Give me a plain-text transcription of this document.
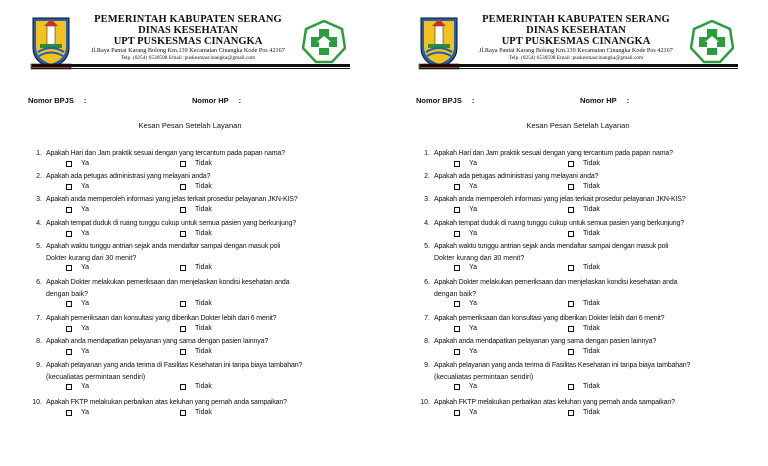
PEMERINTAH KABUPATEN SERANG
DINAS KESEHATAN
UPT PUSKESMAS CINANGKA
Jl.Raya Pantai Karang Bolong Km.139 Kecamatan Cinangka Kode Pos 42167
Telp. (0254) 6530598 Email :puskesmascinangka@gmail.com
Nomor BPJS :	Nomor HP :
Kesan Pesan Setelah Layanan
1. Apakah Hari dan Jam praktik sesuai dengan yang tercantum pada papan nama?
Ya	Tidak
2. Apakah ada petugas administrasi yang melayani anda?
Ya	Tidak
3. Apakah anda memperoleh informasi yang jelas terkait prosedur pelayanan JKN-KIS?
Ya	Tidak
4. Apakah tempat duduk di ruang tunggu cukup untuk semua pasien yang berkunjung?
Ya	Tidak
5. Apakah waktu tunggu antrian sejak anda mendaftar sampai dengan masuk poli
Dokter kurang dari 30 menit?
Ya	Tidak
6. Apakah Dokter melakukan pemeriksaan dan menjelaskan kondisi kesehatan anda
dengan baik?
Ya	Tidak
7. Apakah pemeriksaan dan konsultasi yang diberikan Dokter lebih dari 6 menit?
Ya	Tidak
8. Apakah anda mendapatkan pelayanan yang sama dengan pasien lainnya?
Ya	Tidak
9. Apakah pelayanan yang anda terima di Fasilitas Kesehatan ini tanpa biaya tambahan?
(kecualiatas permintaan sendiri)
Ya	Tidak
10. Apakah FKTP melakukan perbaikan atas keluhan yang pernah anda sampaikan?
Ya	Tidak
PEMERINTAH KABUPATEN SERANG
DINAS KESEHATAN
UPT PUSKESMAS CINANGKA
Jl.Raya Pantai Karang Bolong Km.139 Kecamatan Cinangka Kode Pos 42167
Telp. (0254) 6530598 Email :puskesmascinangka@gmail.com
Nomor BPJS :	Nomor HP :
Kesan Pesan Setelah Layanan
1. Apakah Hari dan Jam praktik sesuai dengan yang tercantum pada papan nama?
Ya	Tidak
2. Apakah ada petugas administrasi yang melayani anda?
Ya	Tidak
3. Apakah anda memperoleh informasi yang jelas terkait prosedur pelayanan JKN-KIS?
Ya	Tidak
4. Apakah tempat duduk di ruang tunggu cukup untuk semua pasien yang berkunjung?
Ya	Tidak
5. Apakah waktu tunggu antrian sejak anda mendaftar sampai dengan masuk poli
Dokter kurang dari 30 menit?
Ya	Tidak
6. Apakah Dokter melakukan pemeriksaan dan menjelaskan kondisi kesehatan anda
dengan baik?
Ya	Tidak
7. Apakah pemeriksaan dan konsultasi yang diberikan Dokter lebih dari 6 menit?
Ya	Tidak
8. Apakah anda mendapatkan pelayanan yang sama dengan pasien lainnya?
Ya	Tidak
9. Apakah pelayanan yang anda terima di Fasilitas Kesehatan ini tanpa biaya tambahan?
(kecualiatas permintaan sendiri)
Ya	Tidak
10. Apakah FKTP melakukan perbaikan atas keluhan yang pernah anda sampaikan?
Ya	Tidak
